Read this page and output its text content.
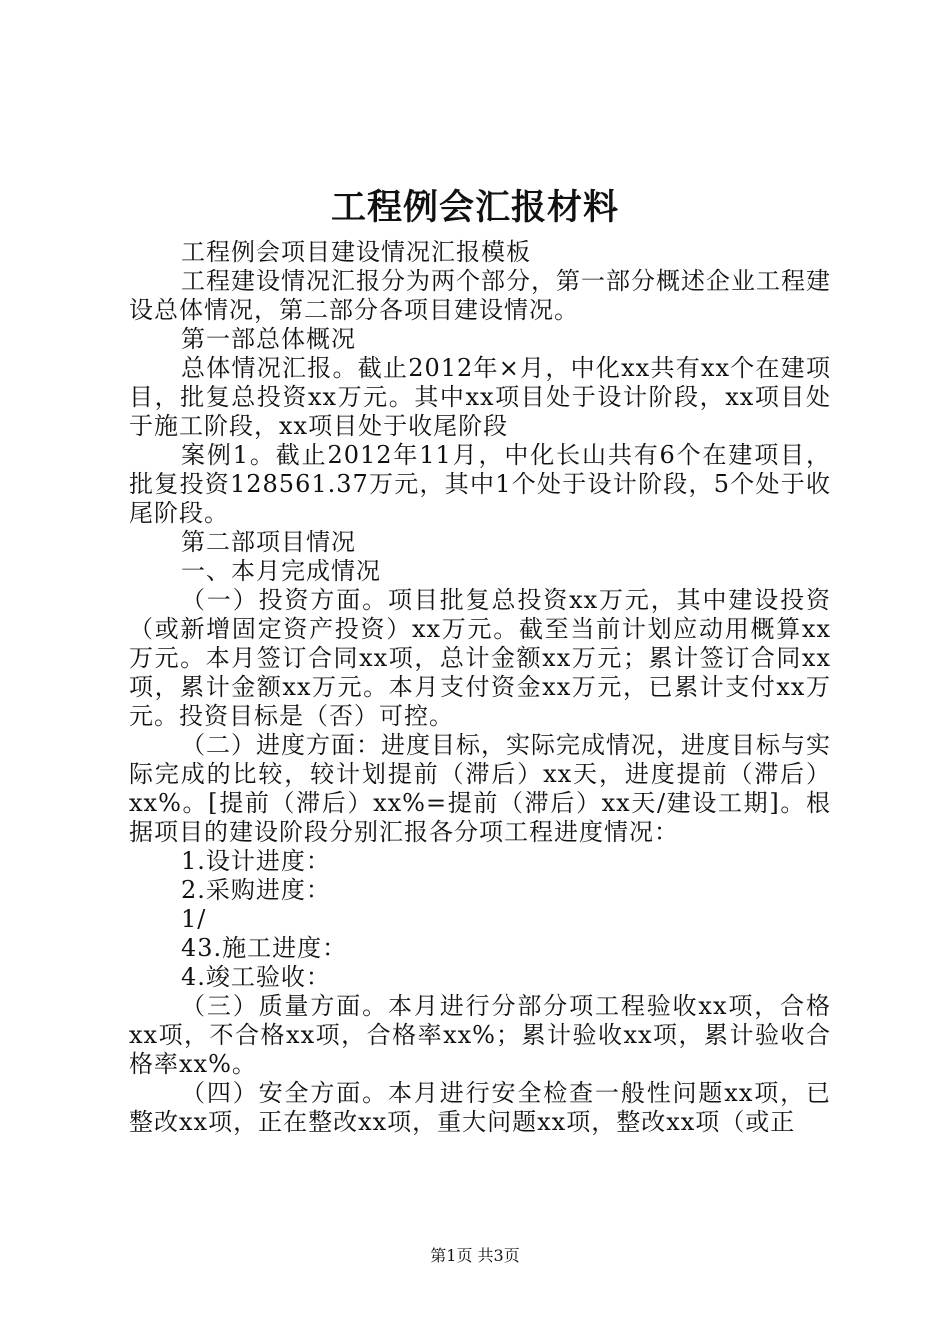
工程例会汇报材料

工程例会项目建设情况汇报模板

工程建设情况汇报分为两个部分，第一部分概述企业工程建设总体情况，第二部分各项目建设情况。

第一部总体概况

总体情况汇报。截止2012年×月，中化xx共有xx个在建项目，批复总投资xx万元。其中xx项目处于设计阶段，xx项目处于施工阶段，xx项目处于收尾阶段

案例1。截止2012年11月，中化长山共有6个在建项目，批复投资128561.37万元，其中1个处于设计阶段，5个处于收尾阶段。

第二部项目情况

一、本月完成情况

（一）投资方面。项目批复总投资xx万元，其中建设投资（或新增固定资产投资）xx万元。截至当前计划应动用概算xx万元。本月签订合同xx项，总计金额xx万元；累计签订合同xx项，累计金额xx万元。本月支付资金xx万元，已累计支付xx万元。投资目标是（否）可控。

（二）进度方面：进度目标，实际完成情况，进度目标与实际完成的比较，较计划提前（滞后）xx天，进度提前（滞后）xx%。[提前（滞后）xx%=提前（滞后）xx天/建设工期]。根据项目的建设阶段分别汇报各分项工程进度情况：

1.设计进度：

2.采购进度：

1/

43.施工进度：

4.竣工验收：

（三）质量方面。本月进行分部分项工程验收xx项，合格xx项，不合格xx项，合格率xx%；累计验收xx项，累计验收合格率xx%。

（四）安全方面。本月进行安全检查一般性问题xx项，已整改xx项，正在整改xx项，重大问题xx项，整改xx项（或正

第1页 共3页
